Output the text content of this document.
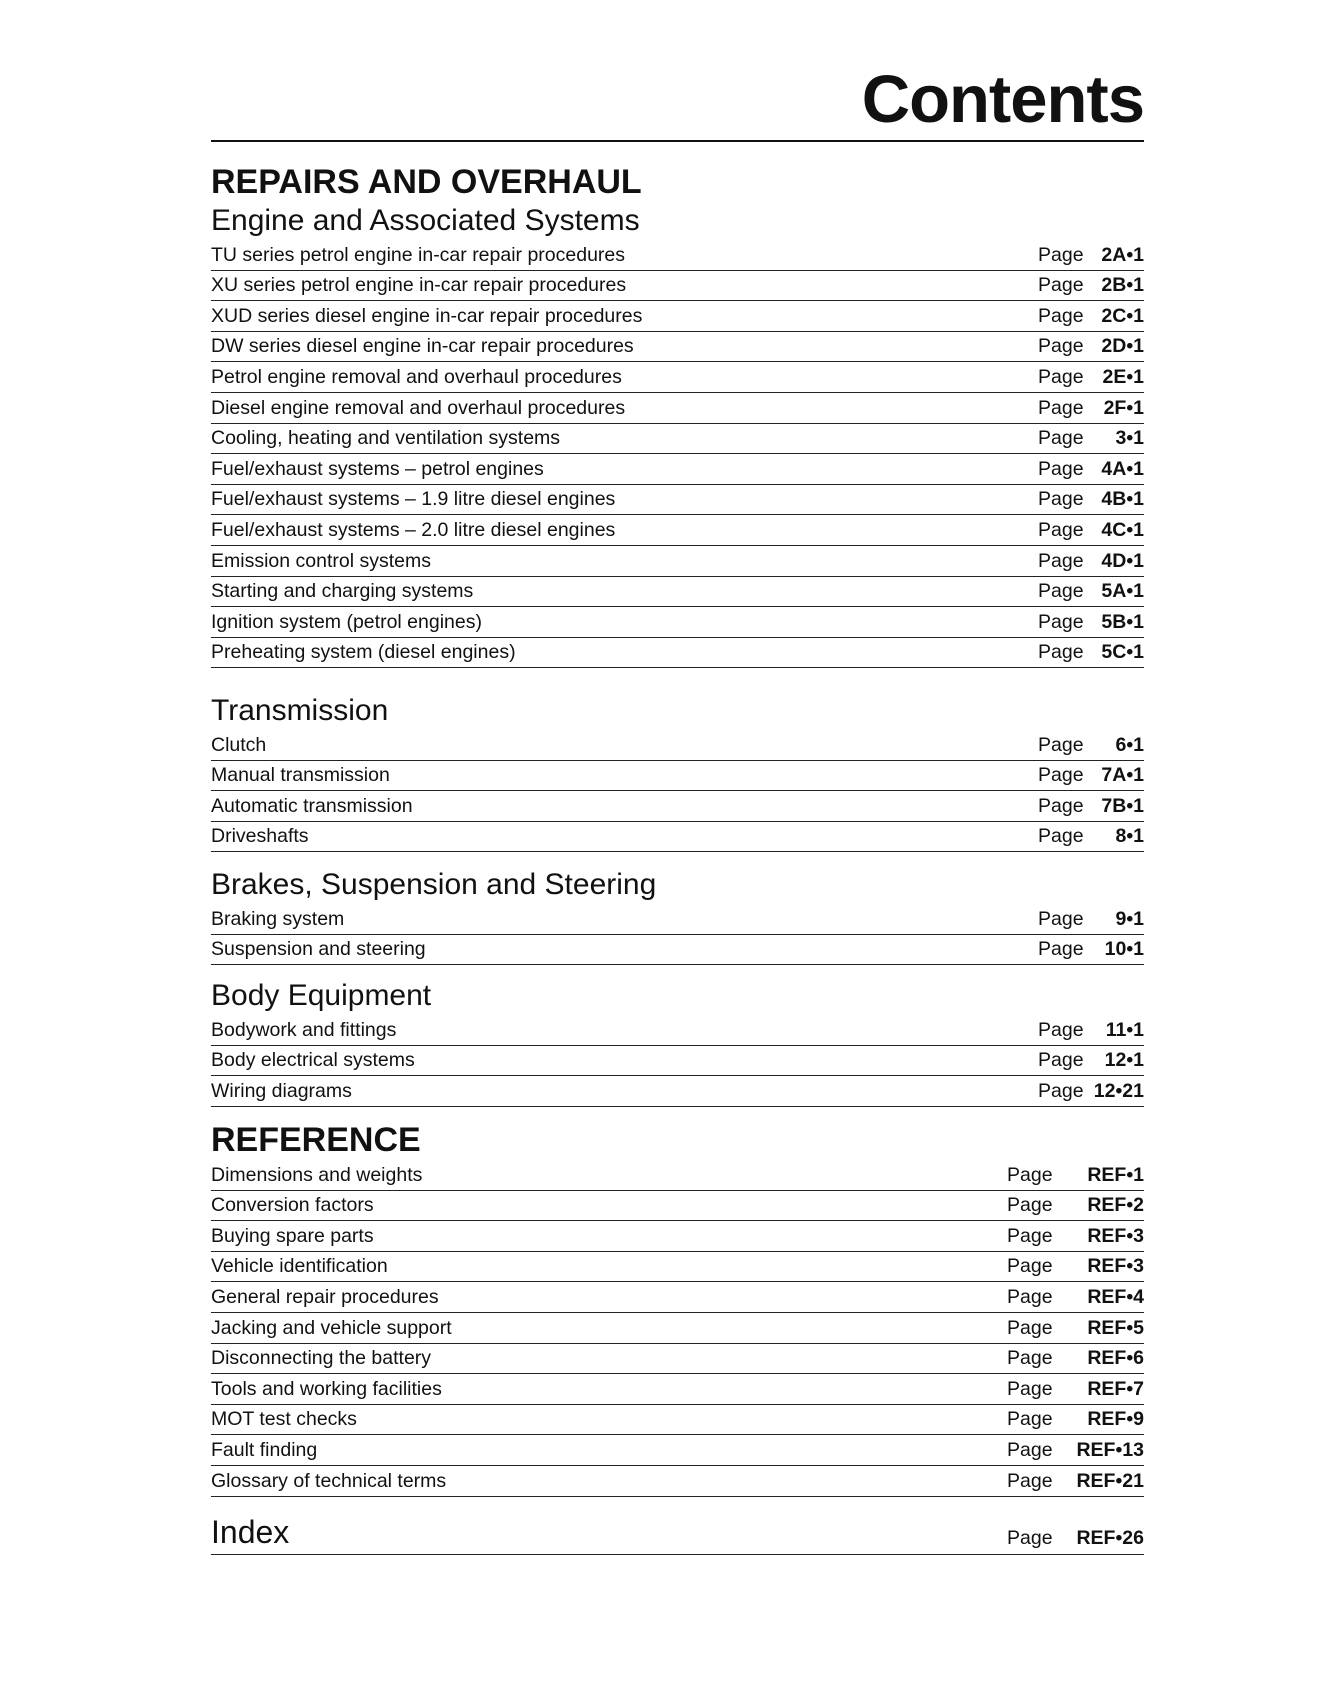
Contents
REPAIRS AND OVERHAUL
Engine and Associated Systems
TU series petrol engine in-car repair procedures	Page 2A•1
XU series petrol engine in-car repair procedures	Page 2B•1
XUD series diesel engine in-car repair procedures	Page 2C•1
DW series diesel engine in-car repair procedures	Page 2D•1
Petrol engine removal and overhaul procedures	Page 2E•1
Diesel engine removal and overhaul procedures	Page 2F•1
Cooling, heating and ventilation systems	Page 3•1
Fuel/exhaust systems – petrol engines	Page 4A•1
Fuel/exhaust systems – 1.9 litre diesel engines	Page 4B•1
Fuel/exhaust systems – 2.0 litre diesel engines	Page 4C•1
Emission control systems	Page 4D•1
Starting and charging systems	Page 5A•1
Ignition system (petrol engines)	Page 5B•1
Preheating system (diesel engines)	Page 5C•1
Transmission
Clutch	Page 6•1
Manual transmission	Page 7A•1
Automatic transmission	Page 7B•1
Driveshafts	Page 8•1
Brakes, Suspension and Steering
Braking system	Page 9•1
Suspension and steering	Page 10•1
Body Equipment
Bodywork and fittings	Page 11•1
Body electrical systems	Page 12•1
Wiring diagrams	Page 12•21
REFERENCE
Dimensions and weights	Page REF•1
Conversion factors	Page REF•2
Buying spare parts	Page REF•3
Vehicle identification	Page REF•3
General repair procedures	Page REF•4
Jacking and vehicle support	Page REF•5
Disconnecting the battery	Page REF•6
Tools and working facilities	Page REF•7
MOT test checks	Page REF•9
Fault finding	Page REF•13
Glossary of technical terms	Page REF•21
Index	Page REF•26
